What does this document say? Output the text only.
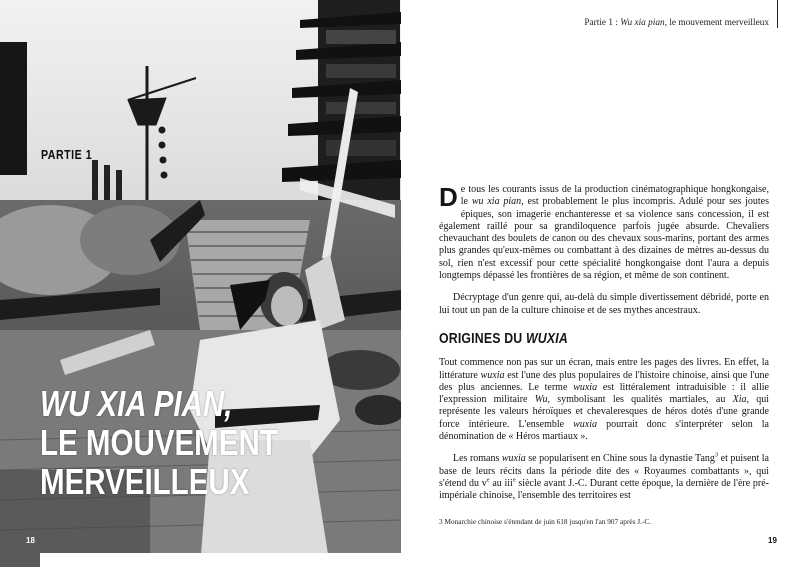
PARTIE 1
WU XIA PIAN,
LE MOUVEMENT
MERVEILLEUX
18
Partie 1 : Wu xia pian, le mouvement merveilleux

De tous les courants issus de la production cinématographique hongkongaise, le wu xia pian, est probablement le plus incompris. Adulé pour ses joutes épiques, son imagerie enchanteresse et sa violence sans concession, il est également raillé pour sa grandiloquence parfois jugée absurde. Chevaliers chevauchant des boulets de canon ou des chevaux sous-marins, portant des armes plus grandes qu'eux-mêmes ou combattant à des dizaines de mètres au-dessus du sol, rien n'est excessif pour cette spécialité hongkongaise dont l'aura a depuis longtemps dépassé les frontières de sa région, et même de son continent.

Décryptage d'un genre qui, au-delà du simple divertissement débridé, porte en lui tout un pan de la culture chinoise et de ses mythes ancestraux.

ORIGINES DU WUXIA

Tout commence non pas sur un écran, mais entre les pages des livres. En effet, la littérature wuxia est l'une des plus populaires de l'histoire chinoise, ainsi que l'une des plus anciennes. Le terme wuxia est littéralement intraduisible : il allie l'expression militaire Wu, symbolisant les qualités martiales, au Xia, qui représente les valeurs héroïques et chevaleresques de héros dotés d'une grande force intérieure. L'ensemble wuxia pourrait donc s'interpréter selon la dénomination de « Héros martiaux ».

Les romans wuxia se popularisent en Chine sous la dynastie Tang$^3$ et puisent la base de leurs récits dans la période dite des « Royaumes combattants », qui s'étend du $v^e$ au iii$^e$ siècle avant J.-C. Durant cette époque, la dernière de l'ère pré-impériale chinoise, l'ensemble des territoires est

3 Monarchie chinoise s'étendant de juin 618 jusqu'en l'an 907 après J.-C.
19
